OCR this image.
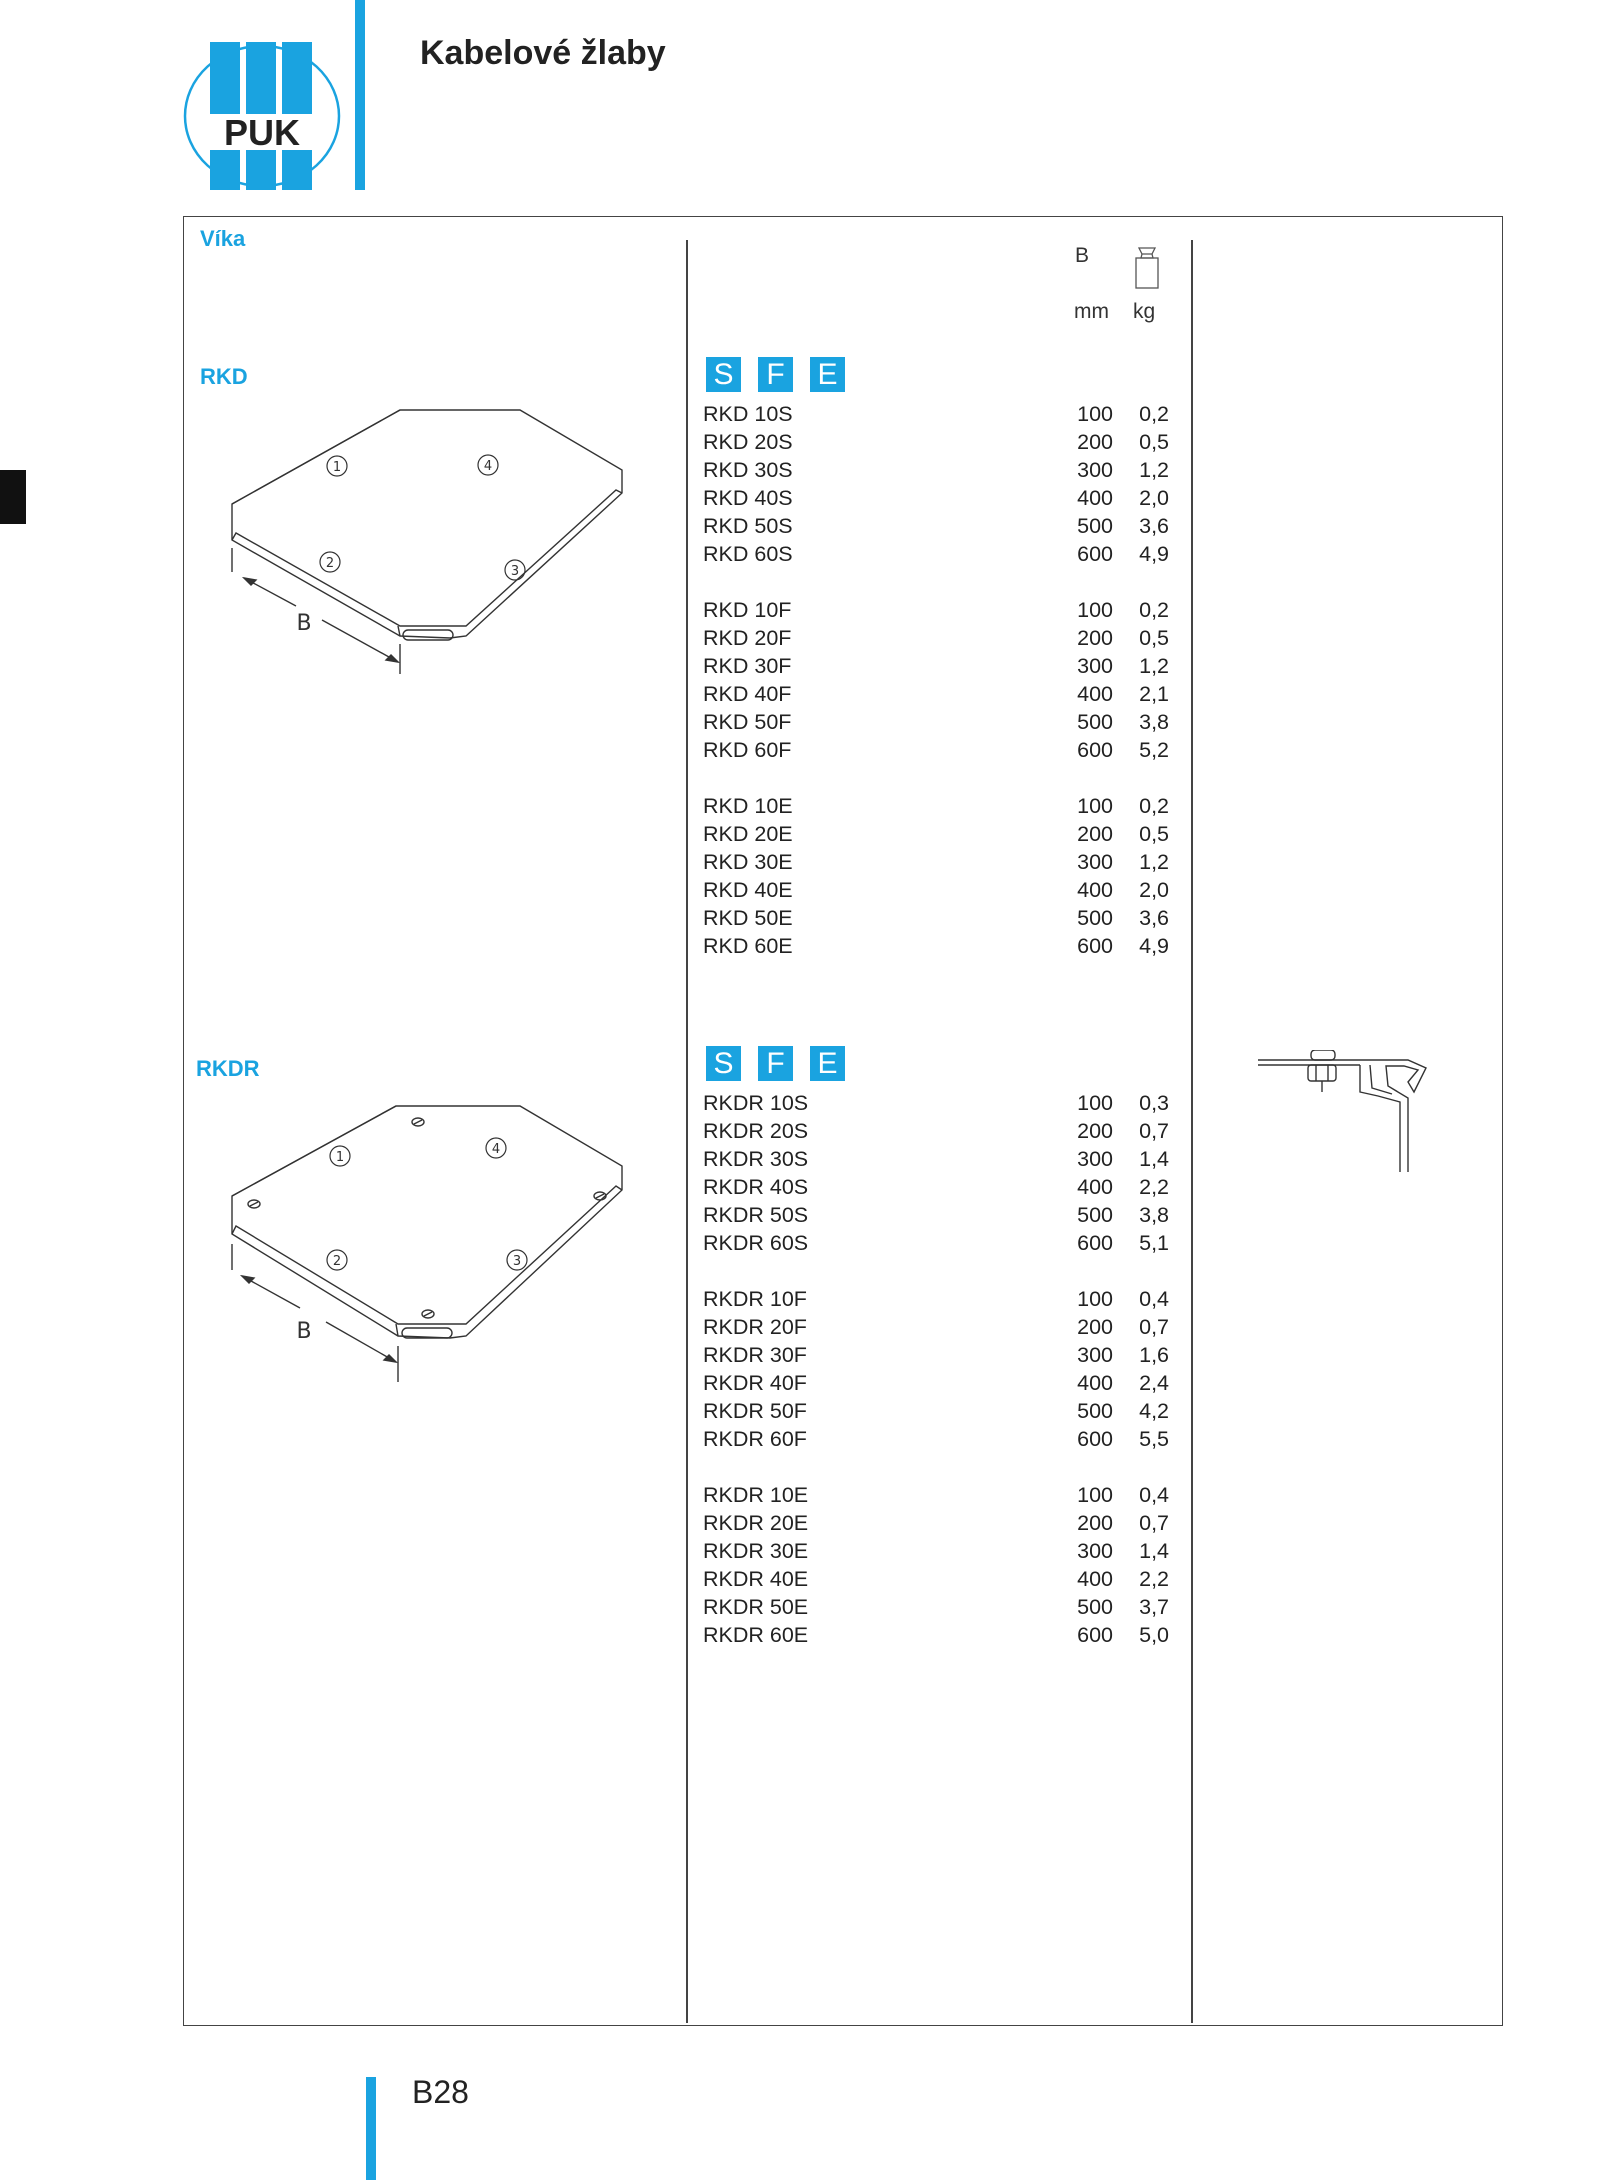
PUK
Kabelové žlaby
Víka
RKD
RKDR
B
mm kg
S F E
RKD 10S	100	0,2
RKD 20S	200	0,5
RKD 30S	300	1,2
RKD 40S	400	2,0
RKD 50S	500	3,6
RKD 60S	600	4,9
RKD 10F	100	0,2
RKD 20F	200	0,5
RKD 30F	300	1,2
RKD 40F	400	2,1
RKD 50F	500	3,8
RKD 60F	600	5,2
RKD 10E	100	0,2
RKD 20E	200	0,5
RKD 30E	300	1,2
RKD 40E	400	2,0
RKD 50E	500	3,6
RKD 60E	600	4,9
S F E
RKDR 10S	100	0,3
RKDR 20S	200	0,7
RKDR 30S	300	1,4
RKDR 40S	400	2,2
RKDR 50S	500	3,8
RKDR 60S	600	5,1
RKDR 10F	100	0,4
RKDR 20F	200	0,7
RKDR 30F	300	1,6
RKDR 40F	400	2,4
RKDR 50F	500	4,2
RKDR 60F	600	5,5
RKDR 10E	100	0,4
RKDR 20E	200	0,7
RKDR 30E	300	1,4
RKDR 40E	400	2,2
RKDR 50E	500	3,7
RKDR 60E	600	5,0
1	4
2
3
B
1
4
2	3
B
B28
